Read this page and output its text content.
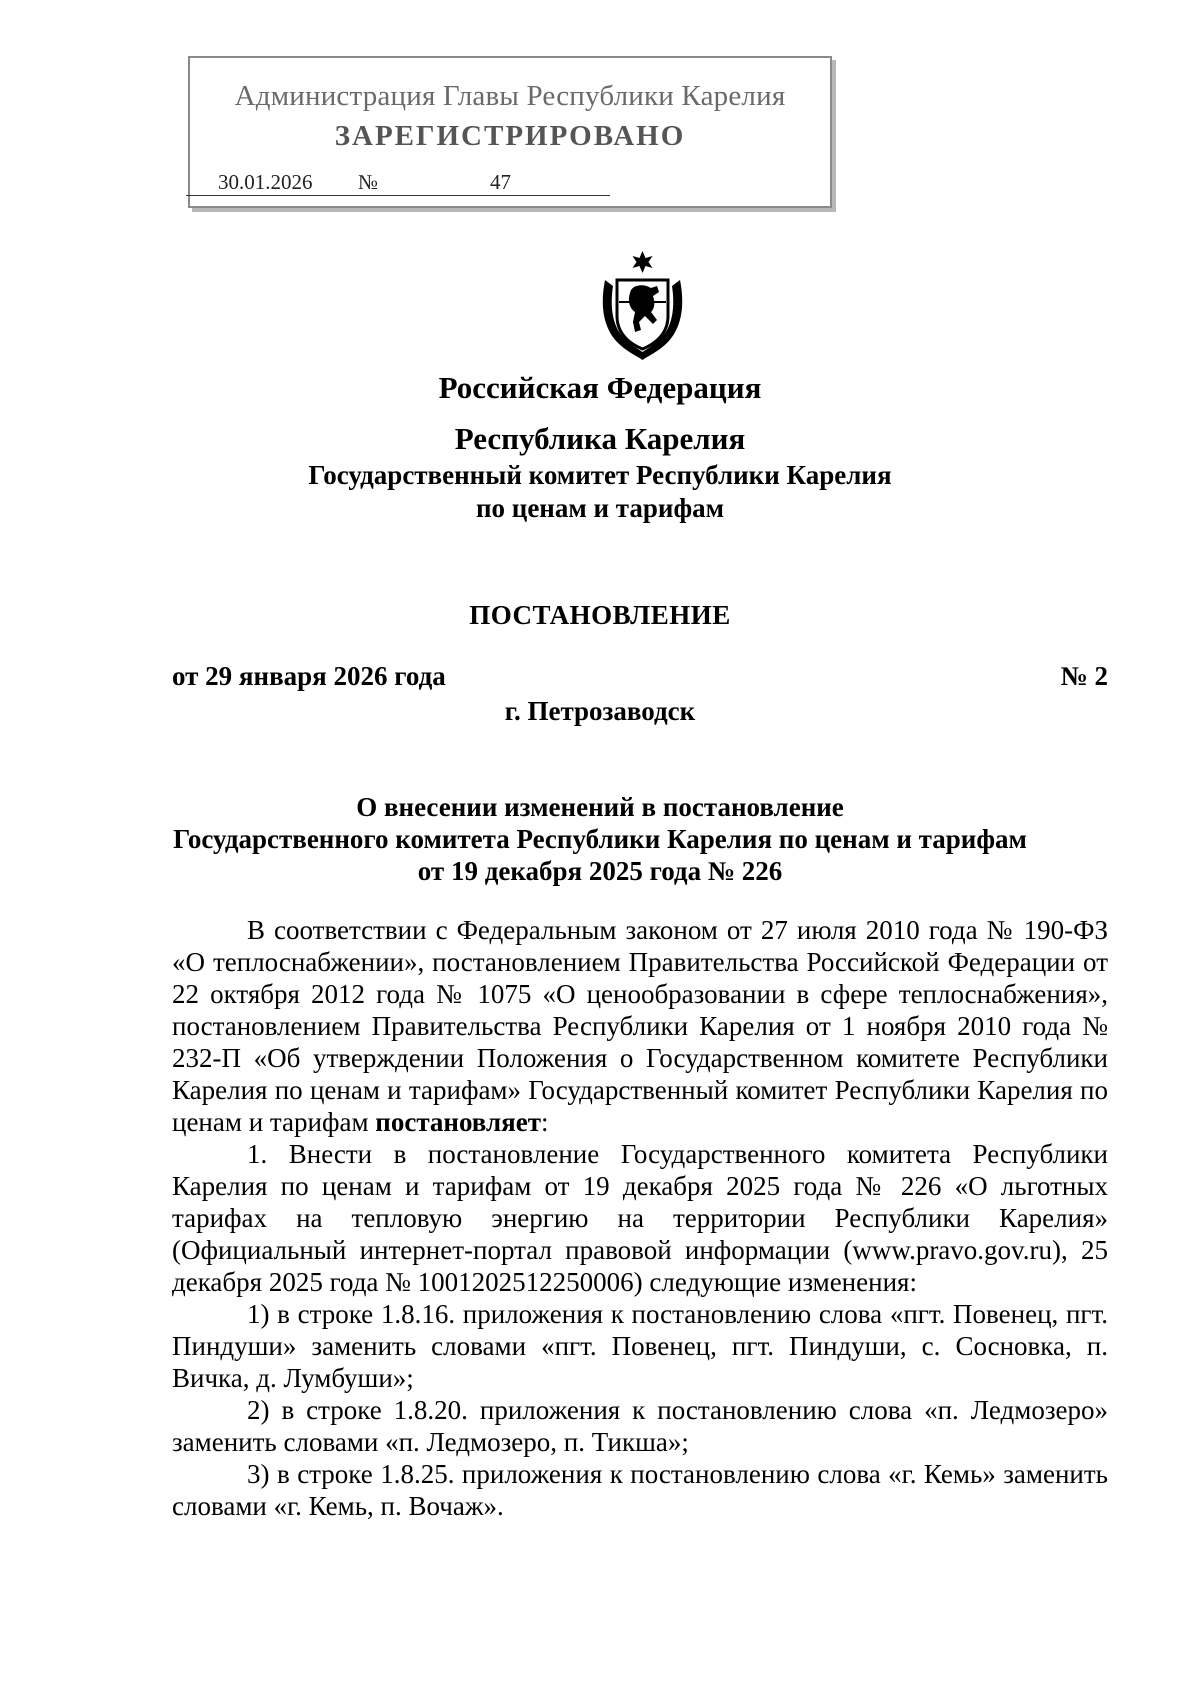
Администрация Главы Республики Карелия
ЗАРЕГИСТРИРОВАНО
30.01.2026 №	47
Российская Федерация
Республика Карелия
Государственный комитет Республики Карелия
по ценам и тарифам
ПОСТАНОВЛЕНИЕ
от 29 января 2026 года	№ 2
г. Петрозаводск
О внесении изменений в постановление
Государственного комитета Республики Карелия по ценам и тарифам
от 19 декабря 2025 года № 226

В соответствии с Федеральным законом от 27 июля 2010 года № 190-ФЗ «О теплоснабжении», постановлением Правительства Российской Федерации от 22 октября 2012 года № 1075 «О ценообразовании в сфере теплоснабжения», постановлением Правительства Республики Карелия от 1 ноября 2010 года № 232-П «Об утверждении Положения о Государственном комитете Республики Карелия по ценам и тарифам» Государственный комитет Республики Карелия по ценам и тарифам постановляет:

1. Внести в постановление Государственного комитета Республики Карелия по ценам и тарифам от 19 декабря 2025 года № 226 «О льготных тарифах на тепловую энергию на территории Республики Карелия» (Официальный интернет-портал правовой информации (www.pravo.gov.ru), 25 декабря 2025 года № 1001202512250006) следующие изменения:

1) в строке 1.8.16. приложения к постановлению слова «пгт. Повенец, пгт. Пиндуши» заменить словами «пгт. Повенец, пгт. Пиндуши, с. Сосновка, п. Вичка, д. Лумбуши»;

2) в строке 1.8.20. приложения к постановлению слова «п. Ледмозеро» заменить словами «п. Ледмозеро, п. Тикша»;

3) в строке 1.8.25. приложения к постановлению слова «г. Кемь» заменить словами «г. Кемь, п. Вочаж».
